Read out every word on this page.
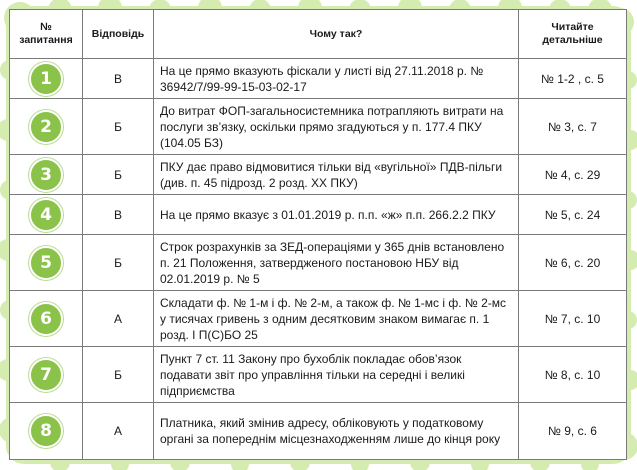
№ запитання	Відповідь	Чому так?	Читайте детальніше
1	В	На це прямо вказують фіскали у листі від 27.11.2018 р. № 36942/7/99-99-15-03-02-17	№ 1-2 , с. 5
2	Б	До витрат ФОП-загальносистемника потрапляють витрати на послуги зв’язку, оскільки прямо згадуються у п. 177.4 ПКУ (104.05 БЗ)	№ 3, с. 7
3	Б	ПКУ дає право відмовитися тільки від «вугільної» ПДВ-пільги (див. п. 45 підрозд. 2 розд. XX ПКУ)	№ 4, с. 29
4	В	На це прямо вказує з 01.01.2019 р. п.п. «ж» п.п. 266.2.2 ПКУ	№ 5, с. 24
5	Б	Строк розрахунків за ЗЕД-операціями у 365 днів встановлено п. 21 Положення, затвердженого постановою НБУ від 02.01.2019 р. № 5	№ 6, с. 20
6	А	Складати ф. № 1-м і ф. № 2-м, а також ф. № 1-мс і ф. № 2-мс у тисячах гривень з одним десятковим знаком вимагає п. 1 розд. I П(С)БО 25	№ 7, с. 10
7	Б	Пункт 7 ст. 11 Закону про бухоблік покладає обов’язок подавати звіт про управління тільки на середні і великі підприємства	№ 8, с. 10
8	А	Платника, який змінив адресу, обліковують у податковому органі за попереднім місцезнаходженням лише до кінця року	№ 9, с. 6
